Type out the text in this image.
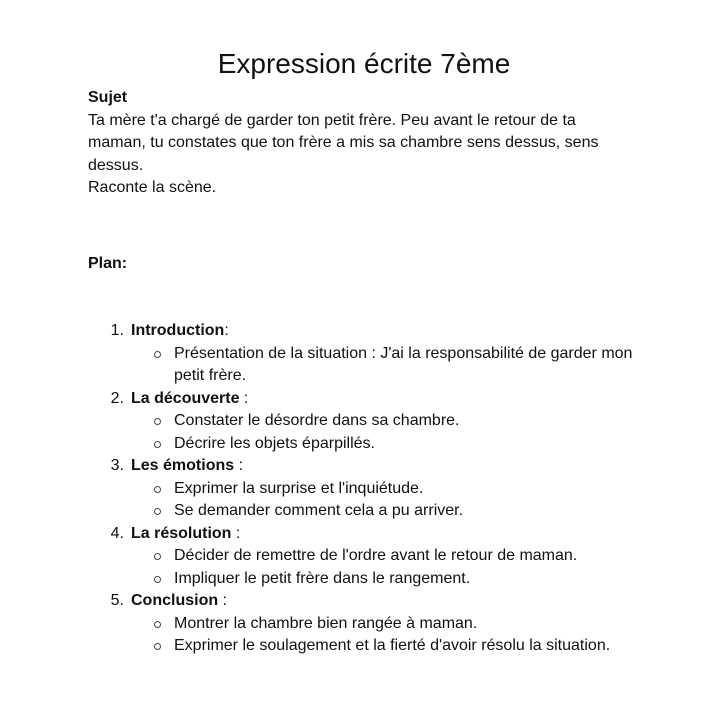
Expression écrite 7ème

Sujet

Ta mère t'a chargé de garder ton petit frère. Peu avant le retour de ta maman, tu constates que ton frère a mis sa chambre sens dessus, sens dessus.

Raconte la scène.

Plan:

1. Introduction:
Présentation de la situation : J'ai la responsabilité de garder mon petit frère.
2. La découverte :
Constater le désordre dans sa chambre.
Décrire les objets éparpillés.
3. Les émotions :
Exprimer la surprise et l'inquiétude.
Se demander comment cela a pu arriver.
4. La résolution :
Décider de remettre de l'ordre avant le retour de maman.
Impliquer le petit frère dans le rangement.
5. Conclusion :
Montrer la chambre bien rangée à maman.
Exprimer le soulagement et la fierté d'avoir résolu la situation.
